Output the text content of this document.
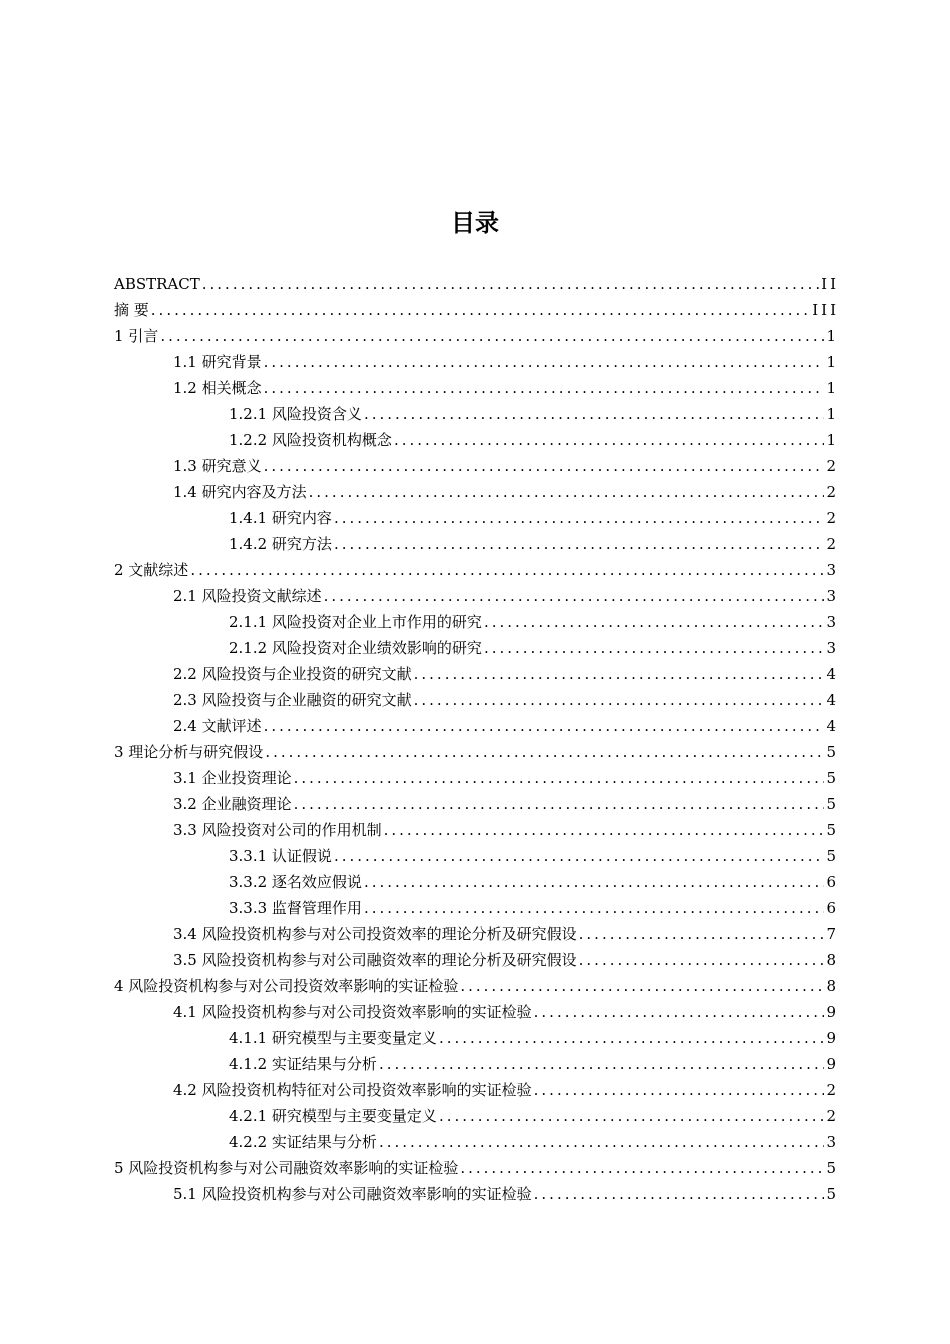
目录
ABSTRACT .....	II
摘 要 .....	III
1 引言 .....	1
1.1 研究背景 .....	1
1.2 相关概念 .....	1
1.2.1 风险投资含义 .....	1
1.2.2 风险投资机构概念 .....	1
1.3 研究意义 .....	2
1.4 研究内容及方法 .....	2
1.4.1 研究内容 .....	2
1.4.2 研究方法 .....	2
2 文献综述 .....	3
2.1 风险投资文献综述 .....	3
2.1.1 风险投资对企业上市作用的研究 .....	3
2.1.2 风险投资对企业绩效影响的研究 .....	3
2.2 风险投资与企业投资的研究文献 .....	4
2.3 风险投资与企业融资的研究文献 .....	4
2.4 文献评述 .....	4
3 理论分析与研究假设 .....	5
3.1 企业投资理论 .....	5
3.2 企业融资理论 .....	5
3.3 风险投资对公司的作用机制 .....	5
3.3.1 认证假说 .....	5
3.3.2 逐名效应假说 .....	6
3.3.3 监督管理作用 .....	6
3.4 风险投资机构参与对公司投资效率的理论分析及研究假设 .....	7
3.5 风险投资机构参与对公司融资效率的理论分析及研究假设 .....	8
4 风险投资机构参与对公司投资效率影响的实证检验 .....	8
4.1 风险投资机构参与对公司投资效率影响的实证检验 .....	9
4.1.1 研究模型与主要变量定义 .....	9
4.1.2 实证结果与分析 .....	9
4.2 风险投资机构特征对公司投资效率影响的实证检验 .....	2
4.2.1 研究模型与主要变量定义 .....	2
4.2.2 实证结果与分析 .....	3
5 风险投资机构参与对公司融资效率影响的实证检验 .....	5
5.1 风险投资机构参与对公司融资效率影响的实证检验 .....	5
